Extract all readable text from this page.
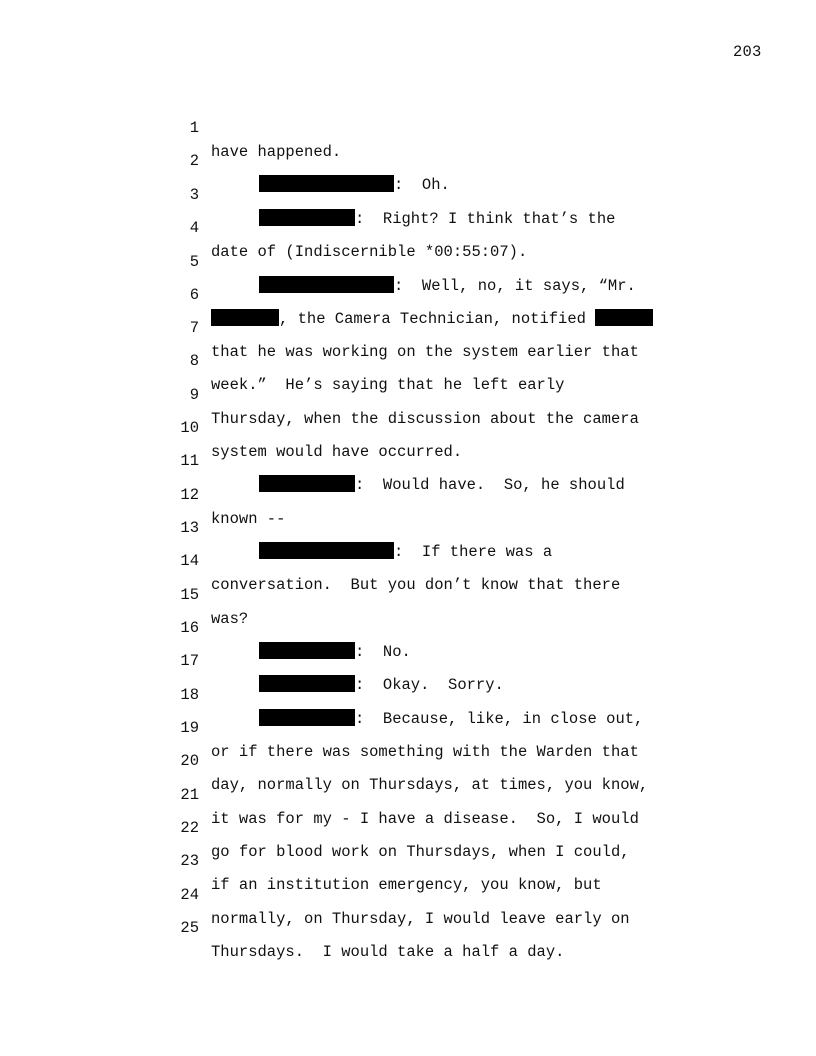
203

1

have happened.

2

:  Oh.

3

:  Right? I think that’s the

4

date of (Indiscernible *00:55:07).

5

:  Well, no, it says, “Mr.

6

, the Camera Technician, notified

7

that he was working on the system earlier that

8

week.”  He’s saying that he left early

9

Thursday, when the discussion about the camera

10

system would have occurred.

11

:  Would have.  So, he should

12

known --

13

:  If there was a

14

conversation.  But you don’t know that there

15

was?

16

:  No.

17

:  Okay.  Sorry.

18

:  Because, like, in close out,

19

or if there was something with the Warden that

20

day, normally on Thursdays, at times, you know,

21

it was for my - I have a disease.  So, I would

22

go for blood work on Thursdays, when I could,

23

if an institution emergency, you know, but

24

normally, on Thursday, I would leave early on

25

Thursdays.  I would take a half a day.
